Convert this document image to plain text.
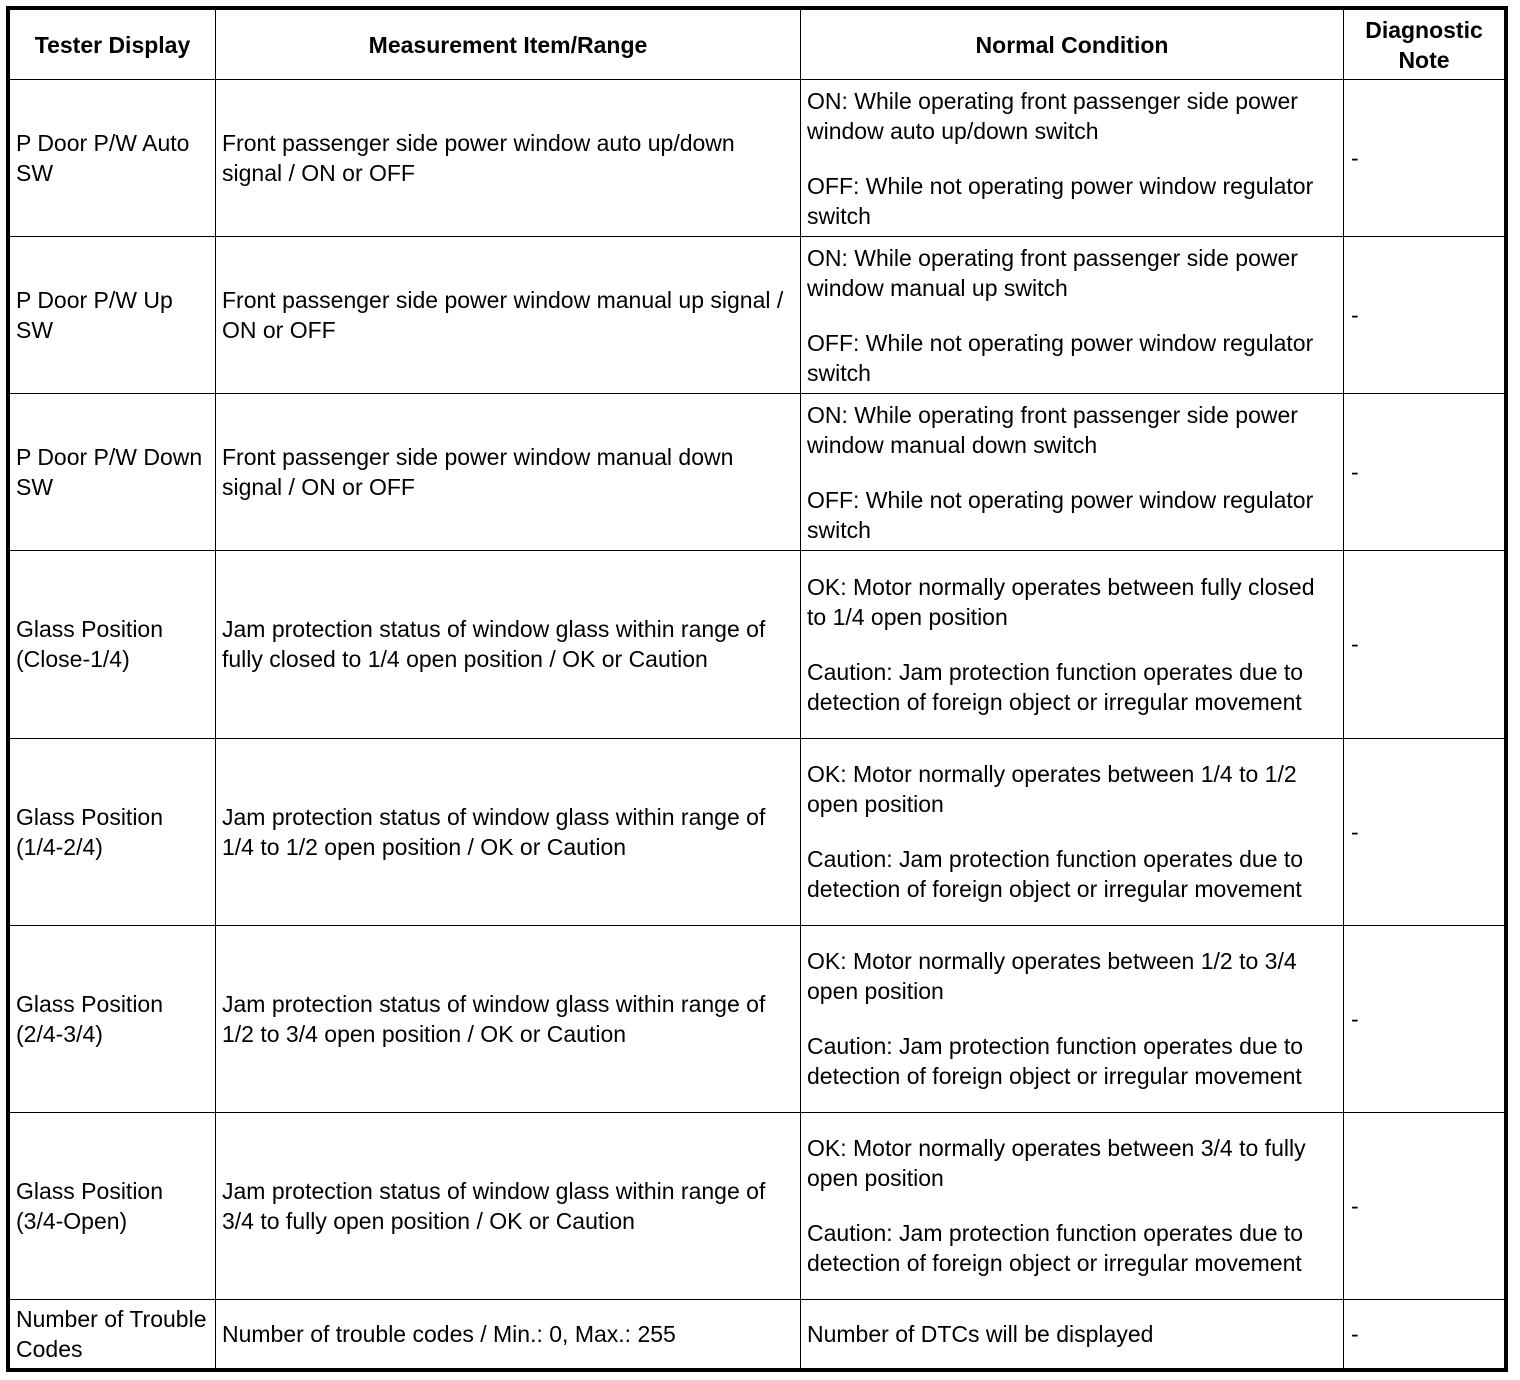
Tester Display	Measurement Item/Range	Normal Condition	Diagnostic Note
P Door P/W Auto SW	Front passenger side power window auto up/down signal / ON or OFF	ON: While operating front passenger side power window auto up/down switch

OFF: While not operating power window regulator switch	-
P Door P/W Up SW	Front passenger side power window manual up signal / ON or OFF	ON: While operating front passenger side power window manual up switch

OFF: While not operating power window regulator switch	-
P Door P/W Down SW	Front passenger side power window manual down signal / ON or OFF	ON: While operating front passenger side power window manual down switch

OFF: While not operating power window regulator switch	-
Glass Position (Close-1/4)	Jam protection status of window glass within range of fully closed to 1/4 open position / OK or Caution	OK: Motor normally operates between fully closed to 1/4 open position

Caution: Jam protection function operates due to detection of foreign object or irregular movement	-
Glass Position (1/4-2/4)	Jam protection status of window glass within range of 1/4 to 1/2 open position / OK or Caution	OK: Motor normally operates between 1/4 to 1/2 open position

Caution: Jam protection function operates due to detection of foreign object or irregular movement	-
Glass Position (2/4-3/4)	Jam protection status of window glass within range of 1/2 to 3/4 open position / OK or Caution	OK: Motor normally operates between 1/2 to 3/4 open position

Caution: Jam protection function operates due to detection of foreign object or irregular movement	-
Glass Position (3/4-Open)	Jam protection status of window glass within range of 3/4 to fully open position / OK or Caution	OK: Motor normally operates between 3/4 to fully open position

Caution: Jam protection function operates due to detection of foreign object or irregular movement	-
Number of Trouble Codes	Number of trouble codes / Min.: 0, Max.: 255	Number of DTCs will be displayed	-
